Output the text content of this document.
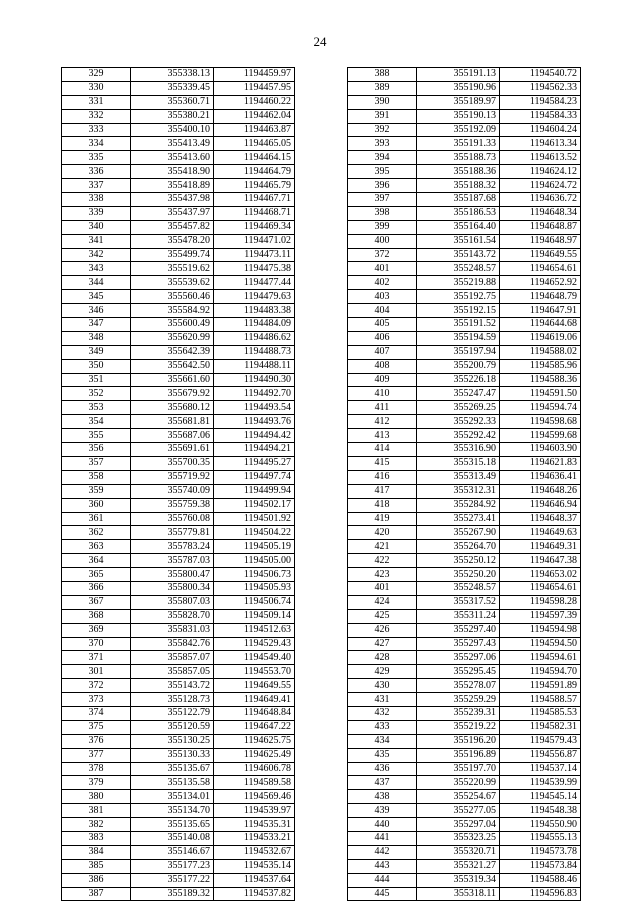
24
329	355338.13	1194459.97
330	355339.45	1194457.95
331	355360.71	1194460.22
332	355380.21	1194462.04
333	355400.10	1194463.87
334	355413.49	1194465.05
335	355413.60	1194464.15
336	355418.90	1194464.79
337	355418.89	1194465.79
338	355437.98	1194467.71
339	355437.97	1194468.71
340	355457.82	1194469.34
341	355478.20	1194471.02
342	355499.74	1194473.11
343	355519.62	1194475.38
344	355539.62	1194477.44
345	355560.46	1194479.63
346	355584.92	1194483.38
347	355600.49	1194484.09
348	355620.99	1194486.62
349	355642.39	1194488.73
350	355642.50	1194488.11
351	355661.60	1194490.30
352	355679.92	1194492.70
353	355680.12	1194493.54
354	355681.81	1194493.76
355	355687.06	1194494.42
356	355691.61	1194494.21
357	355700.35	1194495.27
358	355719.92	1194497.74
359	355740.09	1194499.94
360	355759.38	1194502.17
361	355760.08	1194501.92
362	355779.81	1194504.22
363	355783.24	1194505.19
364	355787.03	1194505.00
365	355800.47	1194506.73
366	355800.34	1194505.93
367	355807.03	1194506.74
368	355828.70	1194509.14
369	355831.03	1194512.63
370	355842.76	1194529.43
371	355857.07	1194549.40
301	355857.05	1194553.70
372	355143.72	1194649.55
373	355128.73	1194649.41
374	355122.79	1194648.84
375	355120.59	1194647.22
376	355130.25	1194625.75
377	355130.33	1194625.49
378	355135.67	1194606.78
379	355135.58	1194589.58
380	355134.01	1194569.46
381	355134.70	1194539.97
382	355135.65	1194535.31
383	355140.08	1194533.21
384	355146.67	1194532.67
385	355177.23	1194535.14
386	355177.22	1194537.64
387	355189.32	1194537.82
388	355191.13	1194540.72
389	355190.96	1194562.33
390	355189.97	1194584.23
391	355190.13	1194584.33
392	355192.09	1194604.24
393	355191.33	1194613.34
394	355188.73	1194613.52
395	355188.36	1194624.12
396	355188.32	1194624.72
397	355187.68	1194636.72
398	355186.53	1194648.34
399	355164.40	1194648.87
400	355161.54	1194648.97
372	355143.72	1194649.55
401	355248.57	1194654.61
402	355219.88	1194652.92
403	355192.75	1194648.79
404	355192.15	1194647.91
405	355191.52	1194644.68
406	355194.59	1194619.06
407	355197.94	1194588.02
408	355200.79	1194585.96
409	355226.18	1194588.36
410	355247.47	1194591.50
411	355269.25	1194594.74
412	355292.33	1194598.68
413	355292.42	1194599.68
414	355316.90	1194603.90
415	355315.18	1194621.83
416	355313.49	1194636.41
417	355312.31	1194648.26
418	355284.92	1194646.94
419	355273.41	1194648.37
420	355267.90	1194649.63
421	355264.70	1194649.31
422	355250.12	1194647.38
423	355250.20	1194653.02
401	355248.57	1194654.61
424	355317.52	1194598.28
425	355311.24	1194597.39
426	355297.40	1194594.98
427	355297.43	1194594.50
428	355297.06	1194594.61
429	355295.45	1194594.70
430	355278.07	1194591.89
431	355259.29	1194588.57
432	355239.31	1194585.53
433	355219.22	1194582.31
434	355196.20	1194579.43
435	355196.89	1194556.87
436	355197.70	1194537.14
437	355220.99	1194539.99
438	355254.67	1194545.14
439	355277.05	1194548.38
440	355297.04	1194550.90
441	355323.25	1194555.13
442	355320.71	1194573.78
443	355321.27	1194573.84
444	355319.34	1194588.46
445	355318.11	1194596.83
